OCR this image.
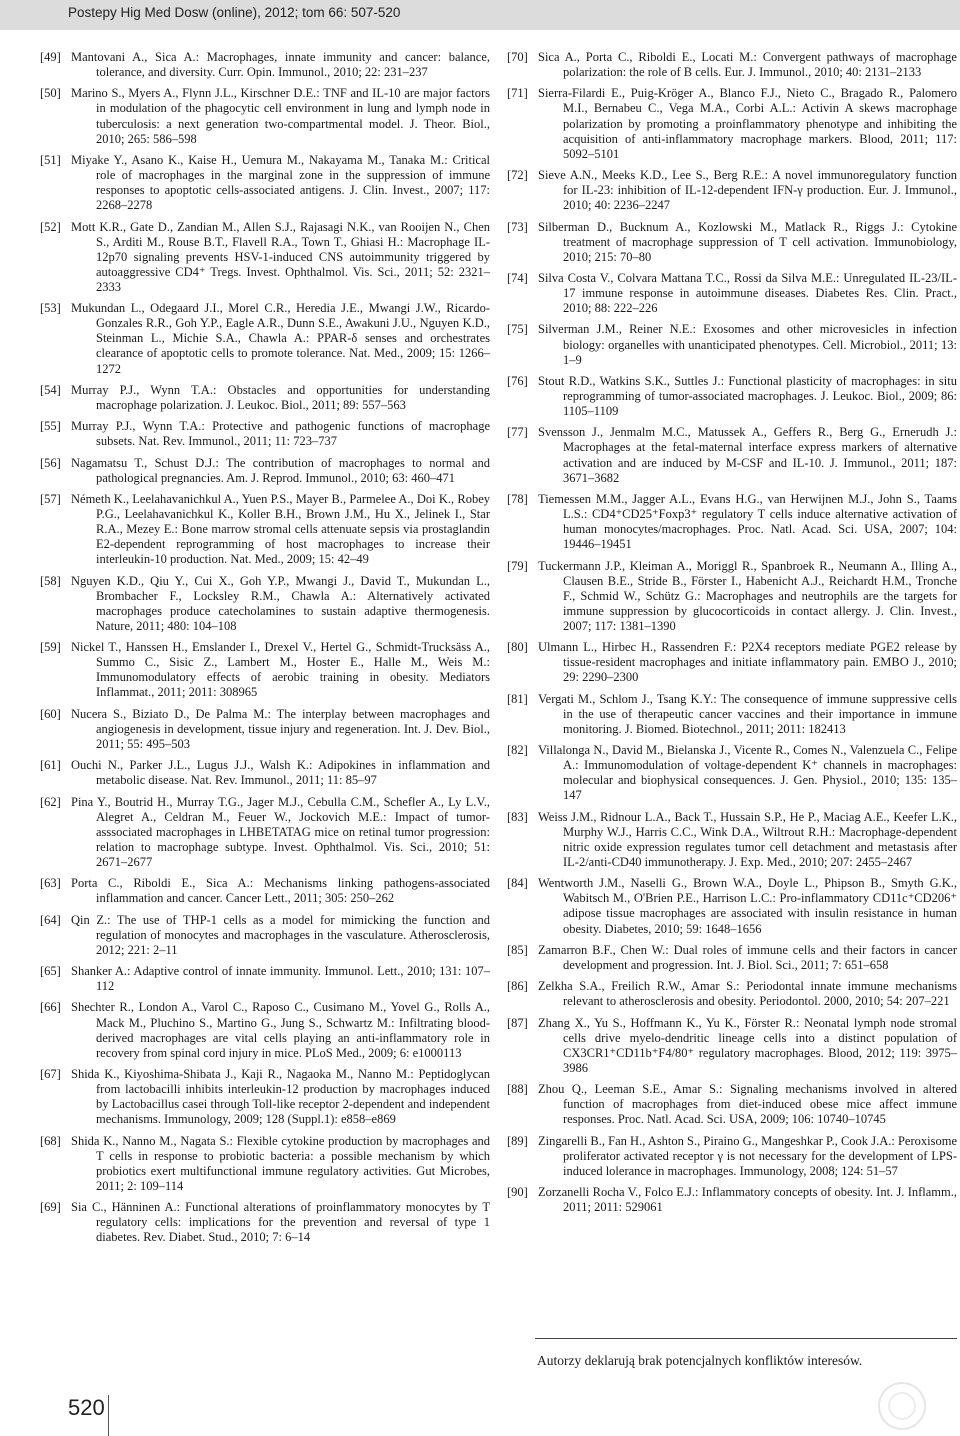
Postepy Hig Med Dosw (online), 2012; tom 66: 507-520

[49] Mantovani A., Sica A.: Macrophages, innate immunity and cancer: balance, tolerance, and diversity. Curr. Opin. Immunol., 2010; 22: 231–237

[50] Marino S., Myers A., Flynn J.L., Kirschner D.E.: TNF and IL-10 are major factors in modulation of the phagocytic cell environment in lung and lymph node in tuberculosis: a next generation two-compartmental model. J. Theor. Biol., 2010; 265: 586–598

[51] Miyake Y., Asano K., Kaise H., Uemura M., Nakayama M., Tanaka M.: Critical role of macrophages in the marginal zone in the suppression of immune responses to apoptotic cells-associated antigens. J. Clin. Invest., 2007; 117: 2268–2278

[52] Mott K.R., Gate D., Zandian M., Allen S.J., Rajasagi N.K., van Rooijen N., Chen S., Arditi M., Rouse B.T., Flavell R.A., Town T., Ghiasi H.: Macrophage IL-12p70 signaling prevents HSV-1-induced CNS autoimmunity triggered by autoaggressive CD4⁺ Tregs. Invest. Ophthalmol. Vis. Sci., 2011; 52: 2321–2333

[53] Mukundan L., Odegaard J.I., Morel C.R., Heredia J.E., Mwangi J.W., Ricardo-Gonzales R.R., Goh Y.P., Eagle A.R., Dunn S.E., Awakuni J.U., Nguyen K.D., Steinman L., Michie S.A., Chawla A.: PPAR-δ senses and orchestrates clearance of apoptotic cells to promote tolerance. Nat. Med., 2009; 15: 1266–1272

[54] Murray P.J., Wynn T.A.: Obstacles and opportunities for understanding macrophage polarization. J. Leukoc. Biol., 2011; 89: 557–563

[55] Murray P.J., Wynn T.A.: Protective and pathogenic functions of macrophage subsets. Nat. Rev. Immunol., 2011; 11: 723–737

[56] Nagamatsu T., Schust D.J.: The contribution of macrophages to normal and pathological pregnancies. Am. J. Reprod. Immunol., 2010; 63: 460–471

[57] Németh K., Leelahavanichkul A., Yuen P.S., Mayer B., Parmelee A., Doi K., Robey P.G., Leelahavanichkul K., Koller B.H., Brown J.M., Hu X., Jelinek I., Star R.A., Mezey E.: Bone marrow stromal cells attenuate sepsis via prostaglandin E2-dependent reprogramming of host macrophages to increase their interleukin-10 production. Nat. Med., 2009; 15: 42–49

[58] Nguyen K.D., Qiu Y., Cui X., Goh Y.P., Mwangi J., David T., Mukundan L., Brombacher F., Locksley R.M., Chawla A.: Alternatively activated macrophages produce catecholamines to sustain adaptive thermogenesis. Nature, 2011; 480: 104–108

[59] Nickel T., Hanssen H., Emslander I., Drexel V., Hertel G., Schmidt-Trucksäss A., Summo C., Sisic Z., Lambert M., Hoster E., Halle M., Weis M.: Immunomodulatory effects of aerobic training in obesity. Mediators Inflammat., 2011; 2011: 308965

[60] Nucera S., Biziato D., De Palma M.: The interplay between macrophages and angiogenesis in development, tissue injury and regeneration. Int. J. Dev. Biol., 2011; 55: 495–503

[61] Ouchi N., Parker J.L., Lugus J.J., Walsh K.: Adipokines in inflammation and metabolic disease. Nat. Rev. Immunol., 2011; 11: 85–97

[62] Pina Y., Boutrid H., Murray T.G., Jager M.J., Cebulla C.M., Schefler A., Ly L.V., Alegret A., Celdran M., Feuer W., Jockovich M.E.: Impact of tumor-asssociated macrophages in LHBETATAG mice on retinal tumor progression: relation to macrophage subtype. Invest. Ophthalmol. Vis. Sci., 2010; 51: 2671–2677

[63] Porta C., Riboldi E., Sica A.: Mechanisms linking pathogens-associated inflammation and cancer. Cancer Lett., 2011; 305: 250–262

[64] Qin Z.: The use of THP-1 cells as a model for mimicking the function and regulation of monocytes and macrophages in the vasculature. Atherosclerosis, 2012; 221: 2–11

[65] Shanker A.: Adaptive control of innate immunity. Immunol. Lett., 2010; 131: 107–112

[66] Shechter R., London A., Varol C., Raposo C., Cusimano M., Yovel G., Rolls A., Mack M., Pluchino S., Martino G., Jung S., Schwartz M.: Infiltrating blood-derived macrophages are vital cells playing an anti-inflammatory role in recovery from spinal cord injury in mice. PLoS Med., 2009; 6: e1000113

[67] Shida K., Kiyoshima-Shibata J., Kaji R., Nagaoka M., Nanno M.: Peptidoglycan from lactobacilli inhibits interleukin-12 production by macrophages induced by Lactobacillus casei through Toll-like receptor 2-dependent and independent mechanisms. Immunology, 2009; 128 (Suppl.1): e858–e869

[68] Shida K., Nanno M., Nagata S.: Flexible cytokine production by macrophages and T cells in response to probiotic bacteria: a possible mechanism by which probiotics exert multifunctional immune regulatory activities. Gut Microbes, 2011; 2: 109–114

[69] Sia C., Hänninen A.: Functional alterations of proinflammatory monocytes by T regulatory cells: implications for the prevention and reversal of type 1 diabetes. Rev. Diabet. Stud., 2010; 7: 6–14

[70] Sica A., Porta C., Riboldi E., Locati M.: Convergent pathways of macrophage polarization: the role of B cells. Eur. J. Immunol., 2010; 40: 2131–2133

[71] Sierra-Filardi E., Puig-Kröger A., Blanco F.J., Nieto C., Bragado R., Palomero M.I., Bernabeu C., Vega M.A., Corbi A.L.: Activin A skews macrophage polarization by promoting a proinflammatory phenotype and inhibiting the acquisition of anti-inflammatory macrophage markers. Blood, 2011; 117: 5092–5101

[72] Sieve A.N., Meeks K.D., Lee S., Berg R.E.: A novel immunoregulatory function for IL-23: inhibition of IL-12-dependent IFN-γ production. Eur. J. Immunol., 2010; 40: 2236–2247

[73] Silberman D., Bucknum A., Kozlowski M., Matlack R., Riggs J.: Cytokine treatment of macrophage suppression of T cell activation. Immunobiology, 2010; 215: 70–80

[74] Silva Costa V., Colvara Mattana T.C., Rossi da Silva M.E.: Unregulated IL-23/IL-17 immune response in autoimmune diseases. Diabetes Res. Clin. Pract., 2010; 88: 222–226

[75] Silverman J.M., Reiner N.E.: Exosomes and other microvesicles in infection biology: organelles with unanticipated phenotypes. Cell. Microbiol., 2011; 13: 1–9

[76] Stout R.D., Watkins S.K., Suttles J.: Functional plasticity of macrophages: in situ reprogramming of tumor-associated macrophages. J. Leukoc. Biol., 2009; 86: 1105–1109

[77] Svensson J., Jenmalm M.C., Matussek A., Geffers R., Berg G., Ernerudh J.: Macrophages at the fetal-maternal interface express markers of alternative activation and are induced by M-CSF and IL-10. J. Immunol., 2011; 187: 3671–3682

[78] Tiemessen M.M., Jagger A.L., Evans H.G., van Herwijnen M.J., John S., Taams L.S.: CD4⁺CD25⁺Foxp3⁺ regulatory T cells induce alternative activation of human monocytes/macrophages. Proc. Natl. Acad. Sci. USA, 2007; 104: 19446–19451

[79] Tuckermann J.P., Kleiman A., Moriggl R., Spanbroek R., Neumann A., Illing A., Clausen B.E., Stride B., Förster I., Habenicht A.J., Reichardt H.M., Tronche F., Schmid W., Schütz G.: Macrophages and neutrophils are the targets for immune suppression by glucocorticoids in contact allergy. J. Clin. Invest., 2007; 117: 1381–1390

[80] Ulmann L., Hirbec H., Rassendren F.: P2X4 receptors mediate PGE2 release by tissue-resident macrophages and initiate inflammatory pain. EMBO J., 2010; 29: 2290–2300

[81] Vergati M., Schlom J., Tsang K.Y.: The consequence of immune suppressive cells in the use of therapeutic cancer vaccines and their importance in immune monitoring. J. Biomed. Biotechnol., 2011; 2011: 182413

[82] Villalonga N., David M., Bielanska J., Vicente R., Comes N., Valenzuela C., Felipe A.: Immunomodulation of voltage-dependent K⁺ channels in macrophages: molecular and biophysical consequences. J. Gen. Physiol., 2010; 135: 135–147

[83] Weiss J.M., Ridnour L.A., Back T., Hussain S.P., He P., Maciag A.E., Keefer L.K., Murphy W.J., Harris C.C., Wink D.A., Wiltrout R.H.: Macrophage-dependent nitric oxide expression regulates tumor cell detachment and metastasis after IL-2/anti-CD40 immunotherapy. J. Exp. Med., 2010; 207: 2455–2467

[84] Wentworth J.M., Naselli G., Brown W.A., Doyle L., Phipson B., Smyth G.K., Wabitsch M., O'Brien P.E., Harrison L.C.: Pro-inflammatory CD11c⁺CD206⁺ adipose tissue macrophages are associated with insulin resistance in human obesity. Diabetes, 2010; 59: 1648–1656

[85] Zamarron B.F., Chen W.: Dual roles of immune cells and their factors in cancer development and progression. Int. J. Biol. Sci., 2011; 7: 651–658

[86] Zelkha S.A., Freilich R.W., Amar S.: Periodontal innate immune mechanisms relevant to atherosclerosis and obesity. Periodontol. 2000, 2010; 54: 207–221

[87] Zhang X., Yu S., Hoffmann K., Yu K., Förster R.: Neonatal lymph node stromal cells drive myelo-dendritic lineage cells into a distinct population of CX3CR1⁺CD11b⁺F4/80⁺ regulatory macrophages. Blood, 2012; 119: 3975–3986

[88] Zhou Q., Leeman S.E., Amar S.: Signaling mechanisms involved in altered function of macrophages from diet-induced obese mice affect immune responses. Proc. Natl. Acad. Sci. USA, 2009; 106: 10740–10745

[89] Zingarelli B., Fan H., Ashton S., Piraino G., Mangeshkar P., Cook J.A.: Peroxisome proliferator activated receptor γ is not necessary for the development of LPS-induced lolerance in macrophages. Immunology, 2008; 124: 51–57

[90] Zorzanelli Rocha V., Folco E.J.: Inflammatory concepts of obesity. Int. J. Inflamm., 2011; 2011: 529061

Autorzy deklarują brak potencjalnych konfliktów interesów.
520
